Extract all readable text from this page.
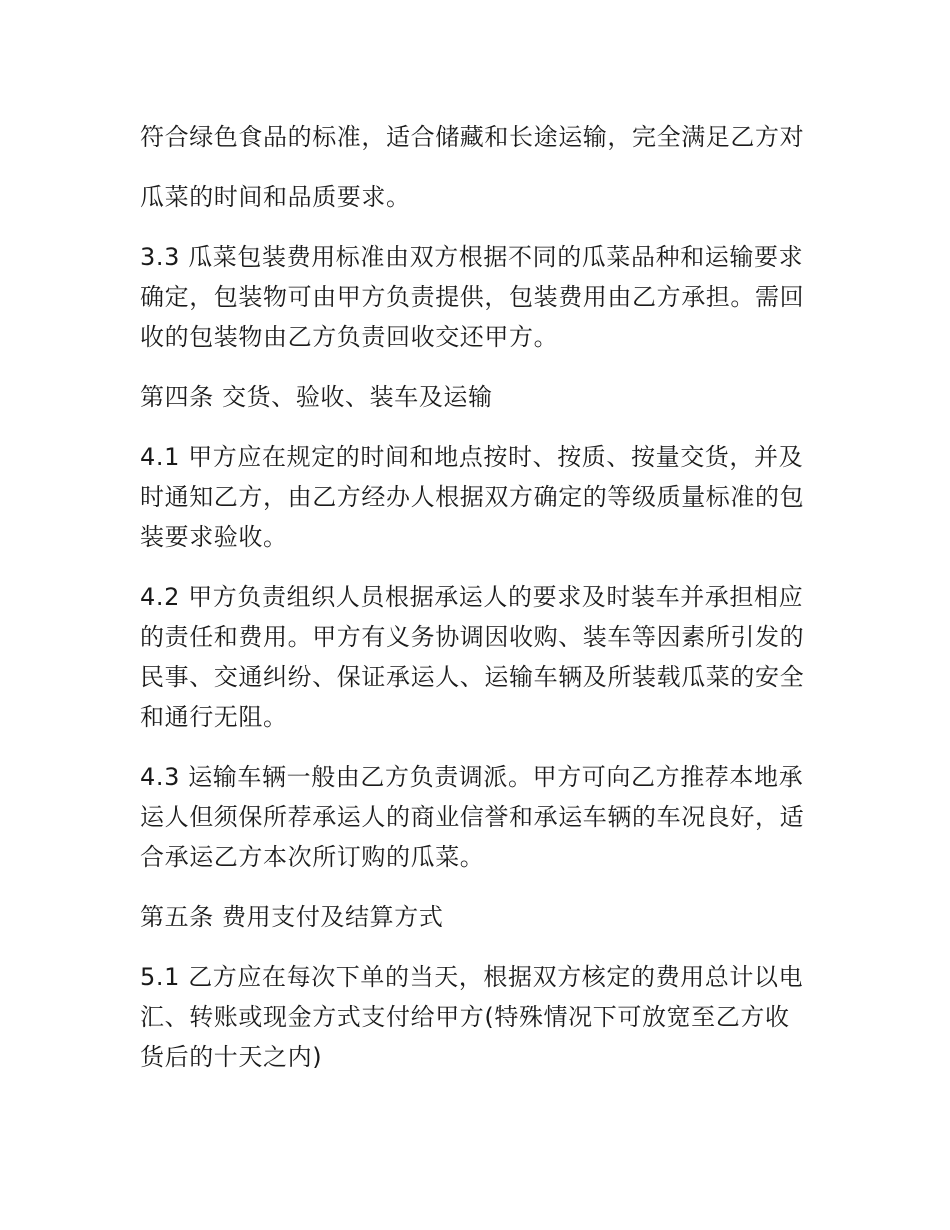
符合绿色食品的标准，适合储藏和长途运输，完全满足乙方对

瓜菜的时间和品质要求。

3.3 瓜菜包装费用标准由双方根据不同的瓜菜品种和运输要求确定，包装物可由甲方负责提供，包装费用由乙方承担。需回收的包装物由乙方负责回收交还甲方。

第四条 交货、验收、装车及运输

4.1 甲方应在规定的时间和地点按时、按质、按量交货，并及时通知乙方，由乙方经办人根据双方确定的等级质量标准的包装要求验收。

4.2 甲方负责组织人员根据承运人的要求及时装车并承担相应的责任和费用。甲方有义务协调因收购、装车等因素所引发的民事、交通纠纷、保证承运人、运输车辆及所装载瓜菜的安全和通行无阻。

4.3 运输车辆一般由乙方负责调派。甲方可向乙方推荐本地承运人但须保所荐承运人的商业信誉和承运车辆的车况良好，适合承运乙方本次所订购的瓜菜。

第五条 费用支付及结算方式

5.1 乙方应在每次下单的当天，根据双方核定的费用总计以电汇、转账或现金方式支付给甲方(特殊情况下可放宽至乙方收货后的十天之内)
